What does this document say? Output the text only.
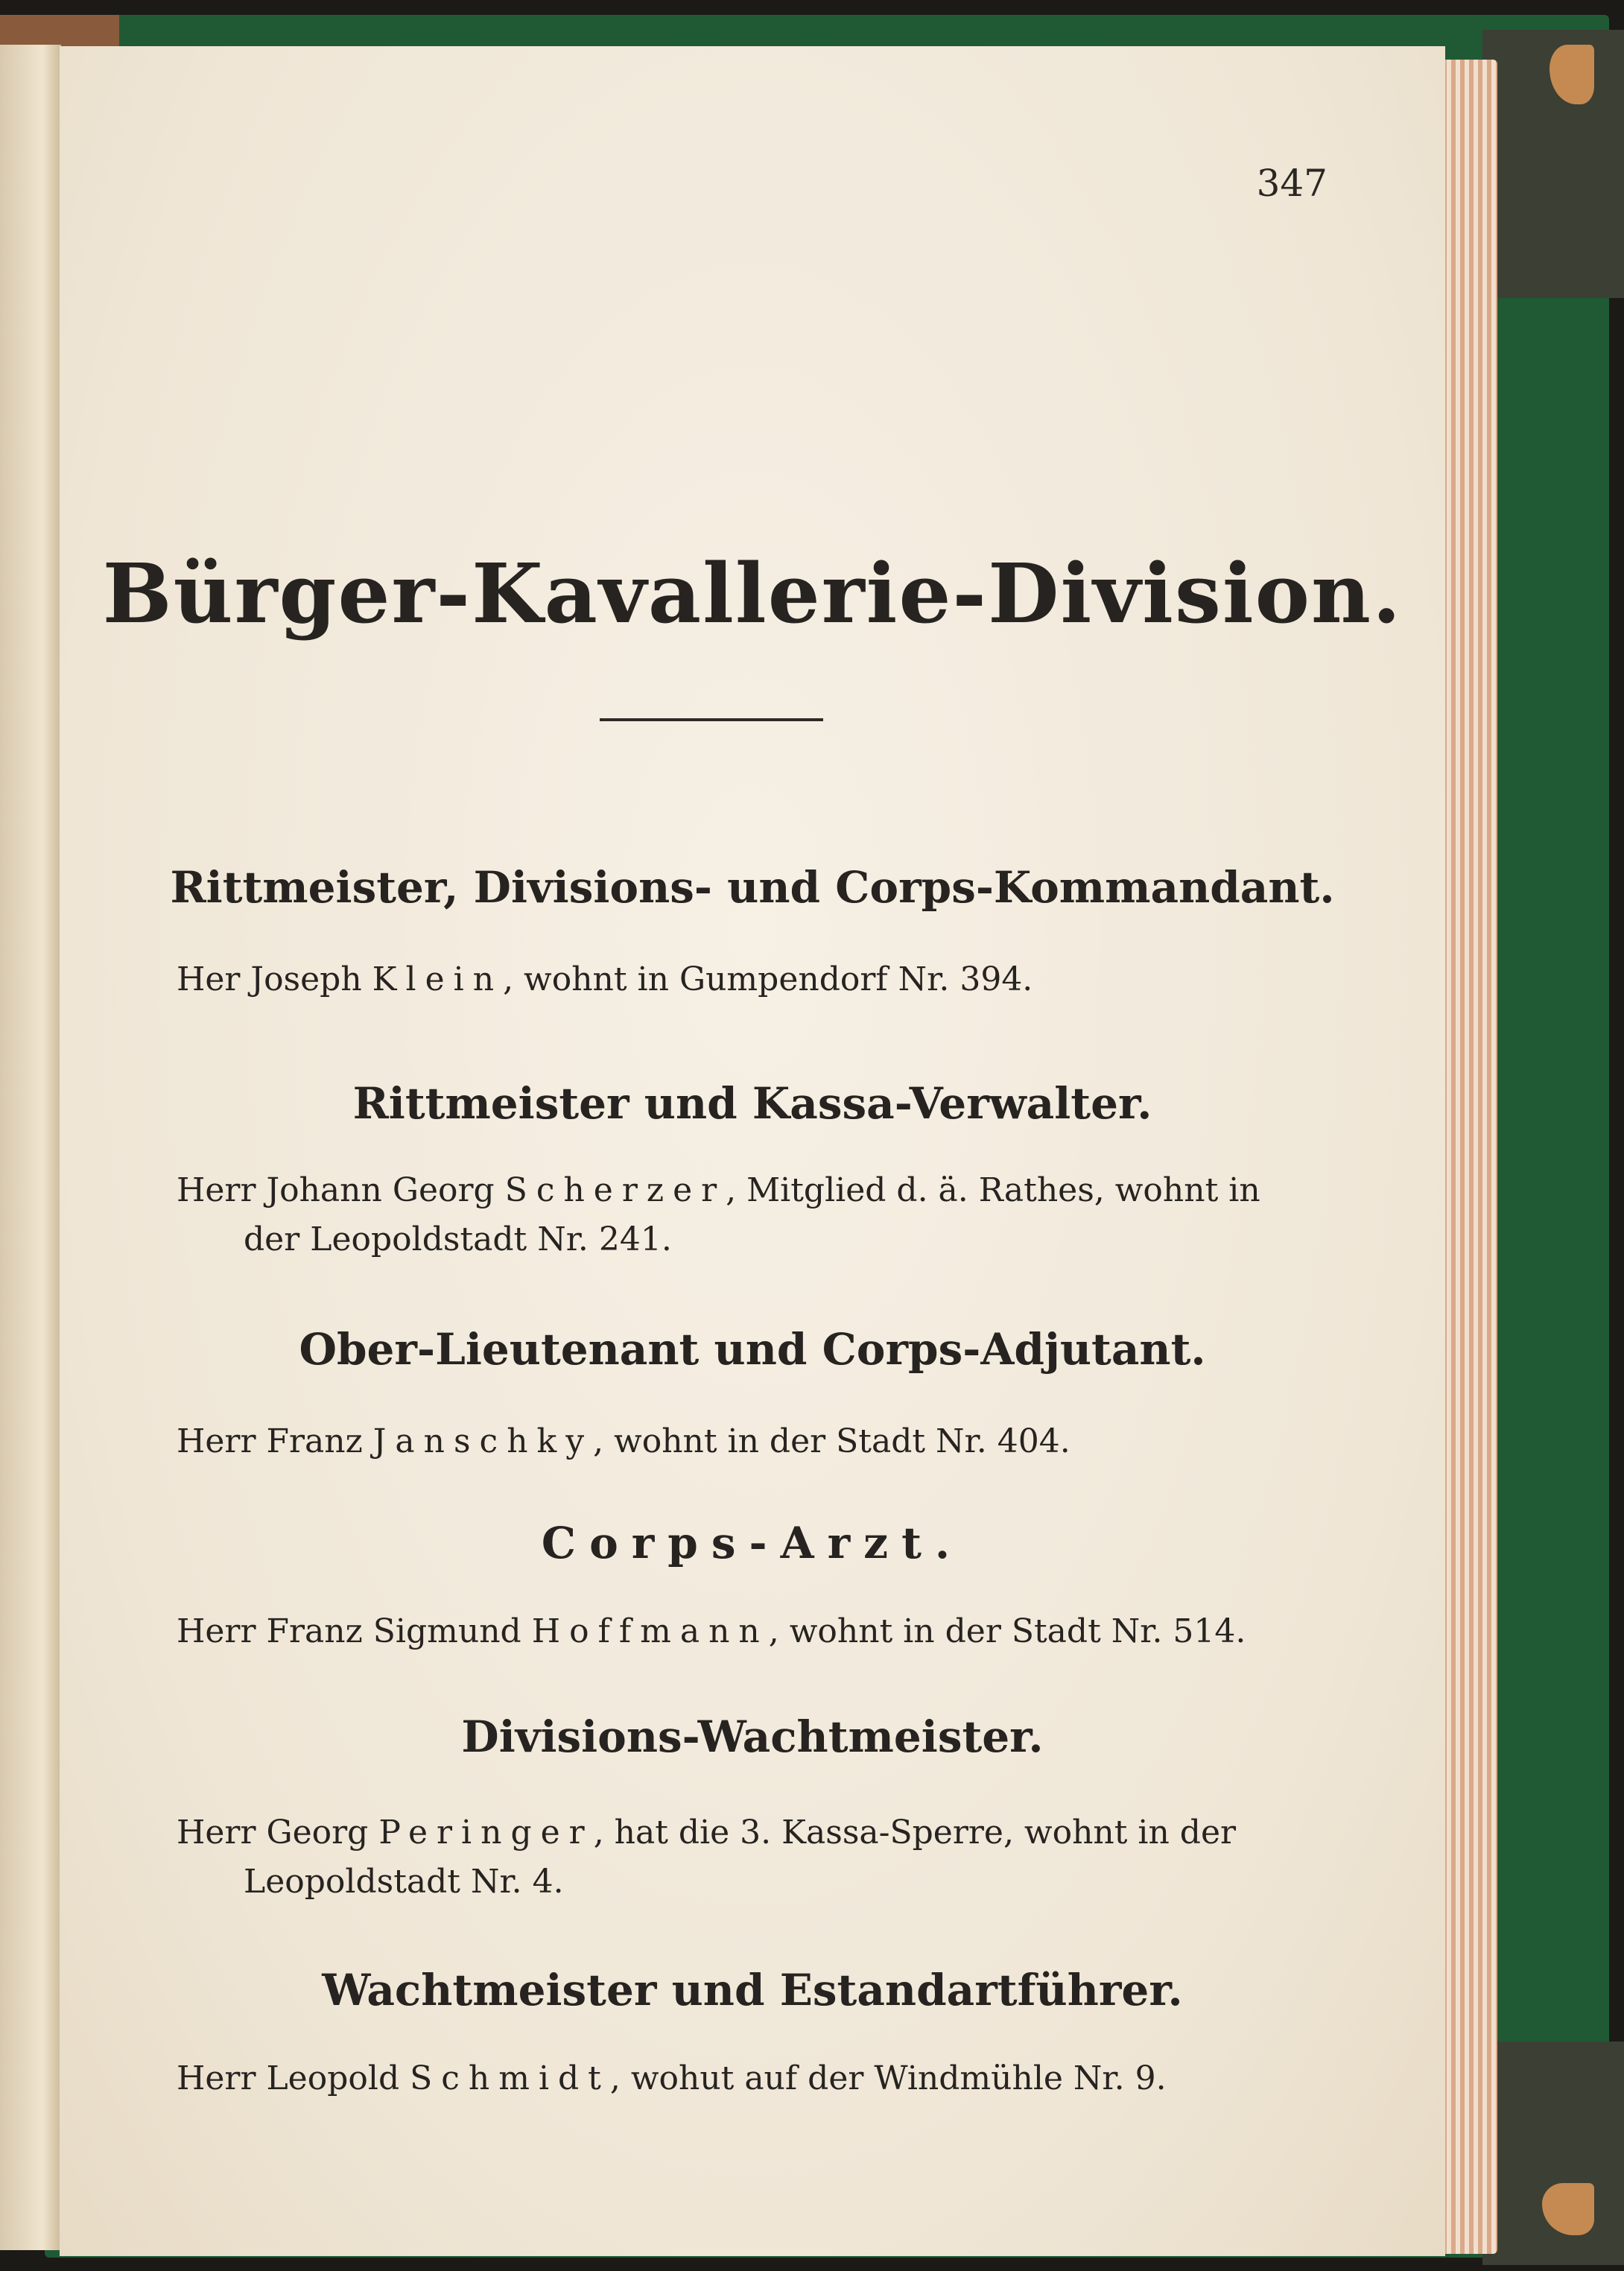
347
Bürger-Kavallerie-Division.
Rittmeister, Divisions- und Corps-Kommandant.
Her Joseph Klein, wohnt in Gumpendorf Nr. 394.
Rittmeister und Kassa-Verwalter.
Herr Johann Georg Scherzer, Mitglied d. ä. Rathes, wohnt in
der Leopoldstadt Nr. 241.
Ober-Lieutenant und Corps-Adjutant.
Herr Franz Janschky, wohnt in der Stadt Nr. 404.
Corps-Arzt.
Herr Franz Sigmund Hoffmann, wohnt in der Stadt Nr. 514.
Divisions-Wachtmeister.
Herr Georg Peringer, hat die 3. Kassa-Sperre, wohnt in der
Leopoldstadt Nr. 4.
Wachtmeister und Estandartführer.
Herr Leopold Schmidt, wohut auf der Windmühle Nr. 9.
